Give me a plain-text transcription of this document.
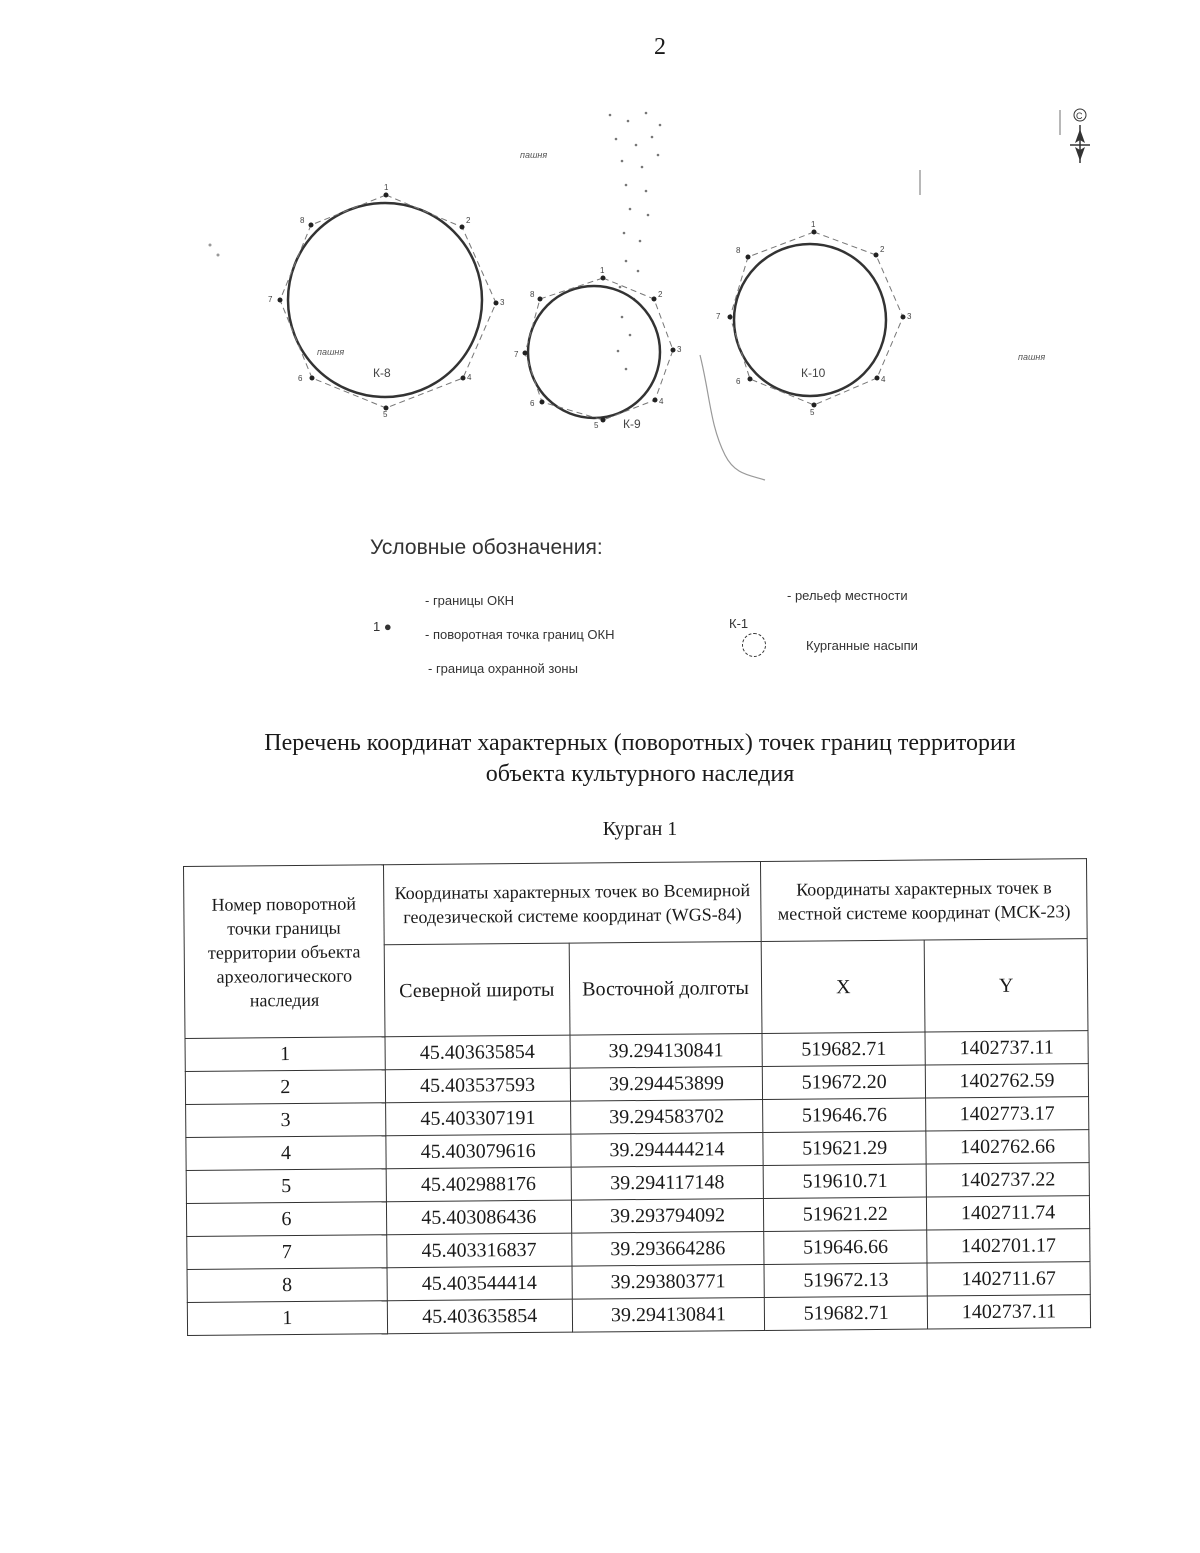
2
пашня
пашня	пашня
1
2
3
4
5
6
7
8
К-8
1
2
3
4
5
6
7
8
К-9
1
2
3
4
5
6
7
8
К-10
С
Условные обозначения:
- границы ОКН
1 ●
- поворотная точка границ ОКН
- граница охранной зоны
- рельеф местности
К-1
Курганные насыпи
Перечень координат характерных (поворотных) точек границ территории
объекта культурного наследия
Курган 1
Номер поворотной точки границы территории объекта археологического наследия	Координаты характерных точек во Всемирной геодезической системе координат (WGS-84)		Координаты характерных точек в местной системе координат (МСК-23)	
	Северной широты	Восточной долготы	X	Y
1	45.403635854	39.294130841	519682.71	1402737.11
2	45.403537593	39.294453899	519672.20	1402762.59
3	45.403307191	39.294583702	519646.76	1402773.17
4	45.403079616	39.294444214	519621.29	1402762.66
5	45.402988176	39.294117148	519610.71	1402737.22
6	45.403086436	39.293794092	519621.22	1402711.74
7	45.403316837	39.293664286	519646.66	1402701.17
8	45.403544414	39.293803771	519672.13	1402711.67
1	45.403635854	39.294130841	519682.71	1402737.11
